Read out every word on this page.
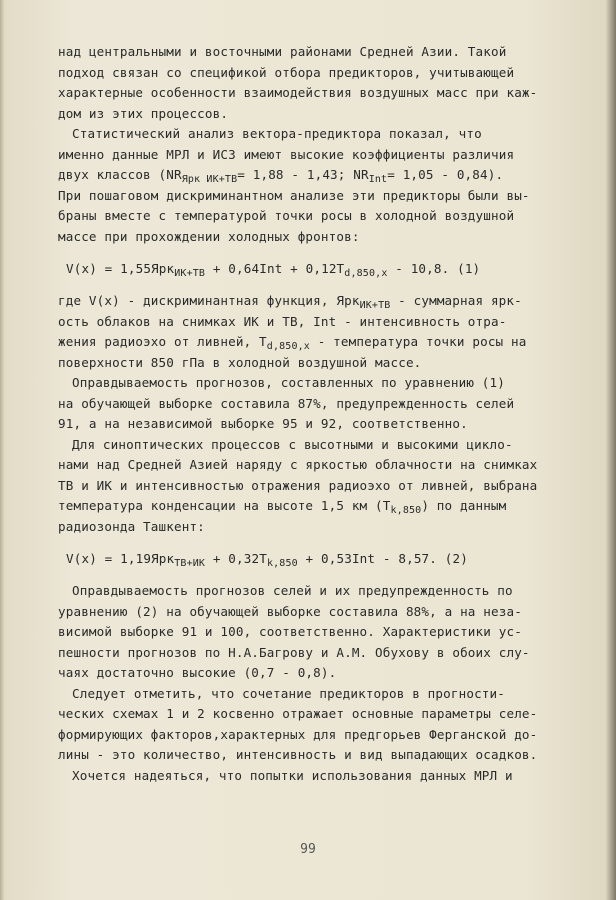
над центральными и восточными районами Средней Азии. Такой
подход связан со спецификой отбора предикторов, учитывающей
характерные особенности взаимодействия воздушных масс при каж-
дом из этих процессов.
Статистический анализ вектора-предиктора показал, что
именно данные МРЛ и ИСЗ имеют высокие коэффициенты различия
двух классов ($NR_{Ярк ИК+ТВ}= 1,88 - 1,43$; $NR_{Int}= 1,05 - 0,84$).
При пошаговом дискриминантном анализе эти предикторы были вы-
браны вместе с температурой точки росы в холодной воздушной
массе при прохождении холодных фронтов:
$V(x) = 1,55Ярк_{ИК+ТВ} + 0,64Int + 0,12T_{d,850,x} - 10,8$. (1)
где V(x) - дискриминантная функция, Ярк$_{ИК+ТВ}$ - суммарная ярк-
ость облаков на снимках ИК и ТВ, Int - интенсивность отра-
жения радиоэхо от ливней, $T_{d,850,x}$ - температура точки росы на
поверхности 850 гПа в холодной воздушной массе.
Оправдываемость прогнозов, составленных по уравнению (1)
на обучающей выборке составила 87%, предупрежденность селей
91, а на независимой выборке 95 и 92, соответственно.
Для синоптических процессов с высотными и высокими цикло-
нами над Средней Азией наряду с яркостью облачности на снимках
ТВ и ИК и интенсивностью отражения радиоэхо от ливней, выбрана
температура конденсации на высоте 1,5 км $(T_{k,850})$ по данным
радиозонда Ташкент:
$V(x) = 1,19Ярк_{ТВ+ИК} + 0,32T_{k,850} + 0,53Int - 8,57$. (2)
Оправдываемость прогнозов селей и их предупрежденность по
уравнению (2) на обучающей выборке составила 88%, а на неза-
висимой выборке 91 и 100, соответственно. Характеристики ус-
пешности прогнозов по Н.А.Багрову и А.М. Обухову в обоих слу-
чаях достаточно высокие (0,7 - 0,8).
Следует отметить, что сочетание предикторов в прогности-
ческих схемах 1 и 2 косвенно отражает основные параметры селе-
формирующих факторов,характерных для предгорьев Ферганской до-
лины - это количество, интенсивность и вид выпадающих осадков.
Хочется надеяться, что попытки использования данных МРЛ и
99
